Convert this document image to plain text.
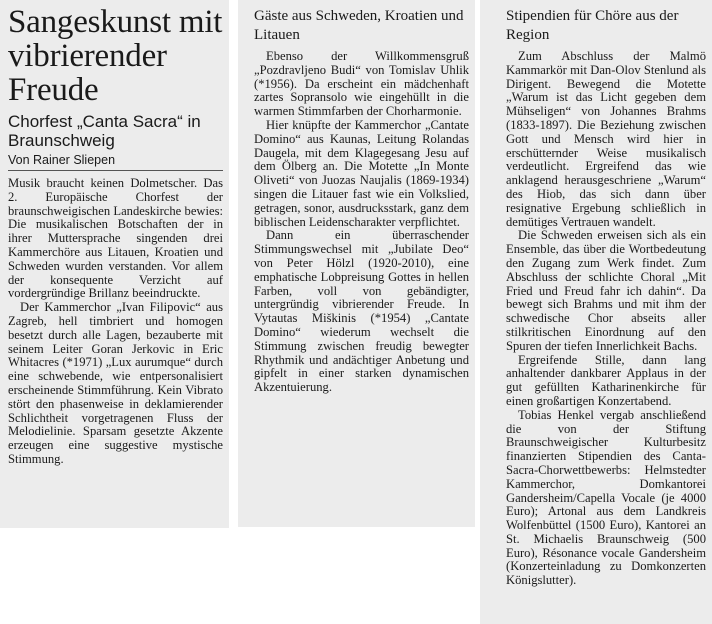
Sangeskunst mit vibrierender Freude
Chorfest „Canta Sacra“ in Braunschweig
Von Rainer Sliepen

Musik braucht keinen Dolmetscher. Das 2. Europäische Chorfest der braunschweigischen Landeskirche bewies: Die musikalischen Botschaften der in ihrer Muttersprache singenden drei Kammerchöre aus Litauen, Kroatien und Schweden wurden verstanden. Vor allem der konsequente Verzicht auf vordergründige Brillanz beeindruckte.

Der Kammerchor „Ivan Filipovic“ aus Zagreb, hell timbriert und homogen besetzt durch alle Lagen, bezauberte mit seinem Leiter Goran Jerkovic in Eric Whitacres (*1971) „Lux aurumque“ durch eine schwebende, wie entpersonalisiert erscheinende Stimmführung. Kein Vibrato stört den phasenweise in deklamierender Schlichtheit vorgetragenen Fluss der Melodielinie. Sparsam gesetzte Akzente erzeugen eine suggestive mystische Stimmung.

Gäste aus Schweden, Kroatien und Litauen

Ebenso der Willkommensgruß „Pozdravljeno Budi“ von Tomislav Uhlik (*1956). Da erscheint ein mädchenhaft zartes Sopransolo wie eingehüllt in die warmen Stimmfarben der Chorharmonie.

Hier knüpfte der Kammerchor „Cantate Domino“ aus Kaunas, Leitung Rolandas Daugela, mit dem Klagegesang Jesu auf dem Ölberg an. Die Motette „In Monte Oliveti“ von Juozas Naujalis (1869-1934) singen die Litauer fast wie ein Volkslied, getragen, sonor, ausdrucksstark, ganz dem biblischen Leidenscharakter verpflichtet.

Dann ein überraschender Stimmungswechsel mit „Jubilate Deo“ von Peter Hölzl (1920-2010), eine emphatische Lobpreisung Gottes in hellen Farben, voll von gebändigter, untergründig vibrierender Freude. In Vytautas Miškinis (*1954) „Cantate Domino“ wiederum wechselt die Stimmung zwischen freudig bewegter Rhythmik und andächtiger Anbetung und gipfelt in einer starken dynamischen Akzentuierung.

Stipendien für Chöre aus der Region

Zum Abschluss der Malmö Kammarkör mit Dan-Olov Stenlund als Dirigent. Bewegend die Motette „Warum ist das Licht gegeben dem Mühseligen“ von Johannes Brahms (1833-1897). Die Beziehung zwischen Gott und Mensch wird hier in erschütternder Weise musikalisch verdeutlicht. Ergreifend das wie anklagend herausgeschriene „Warum“ des Hiob, das sich dann über resignative Ergebung schließlich in demütiges Vertrauen wandelt.

Die Schweden erweisen sich als ein Ensemble, das über die Wortbedeutung den Zugang zum Werk findet. Zum Abschluss der schlichte Choral „Mit Fried und Freud fahr ich dahin“. Da bewegt sich Brahms und mit ihm der schwedische Chor abseits aller stilkritischen Einordnung auf den Spuren der tiefen Innerlichkeit Bachs.

Ergreifende Stille, dann lang anhaltender dankbarer Applaus in der gut gefüllten Katharinenkirche für einen großartigen Konzertabend.

Tobias Henkel vergab anschließend die von der Stiftung Braunschweigischer Kulturbesitz finanzierten Stipendien des Canta-Sacra-Chorwettbewerbs: Helmstedter Kammerchor, Domkantorei Gandersheim/Capella Vocale (je 4000 Euro); Artonal aus dem Landkreis Wolfenbüttel (1500 Euro), Kantorei an St. Michaelis Braunschweig (500 Euro), Résonance vocale Gandersheim (Konzerteinladung zu Domkonzerten Königslutter).
